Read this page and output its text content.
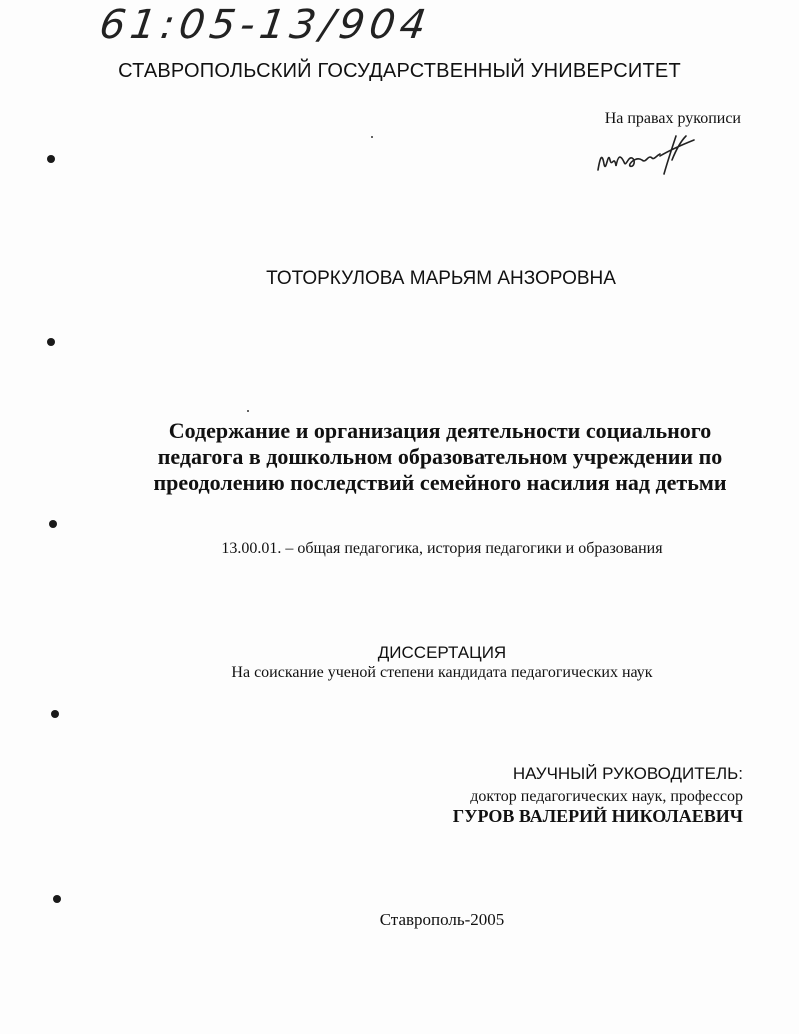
61:05-13/904
СТАВРОПОЛЬСКИЙ ГОСУДАРСТВЕННЫЙ УНИВЕРСИТЕТ
На правах рукописи
ТОТОРКУЛОВА МАРЬЯМ АНЗОРОВНА
Содержание и организация деятельности социального педагога в дошкольном образовательном учреждении по преодолению последствий семейного насилия над детьми
13.00.01. – общая педагогика, история педагогики и образования
ДИССЕРТАЦИЯ
На соискание ученой степени кандидата педагогических наук
НАУЧНЫЙ РУКОВОДИТЕЛЬ:
доктор педагогических наук, профессор
ГУРОВ ВАЛЕРИЙ НИКОЛАЕВИЧ
Ставрополь-2005
